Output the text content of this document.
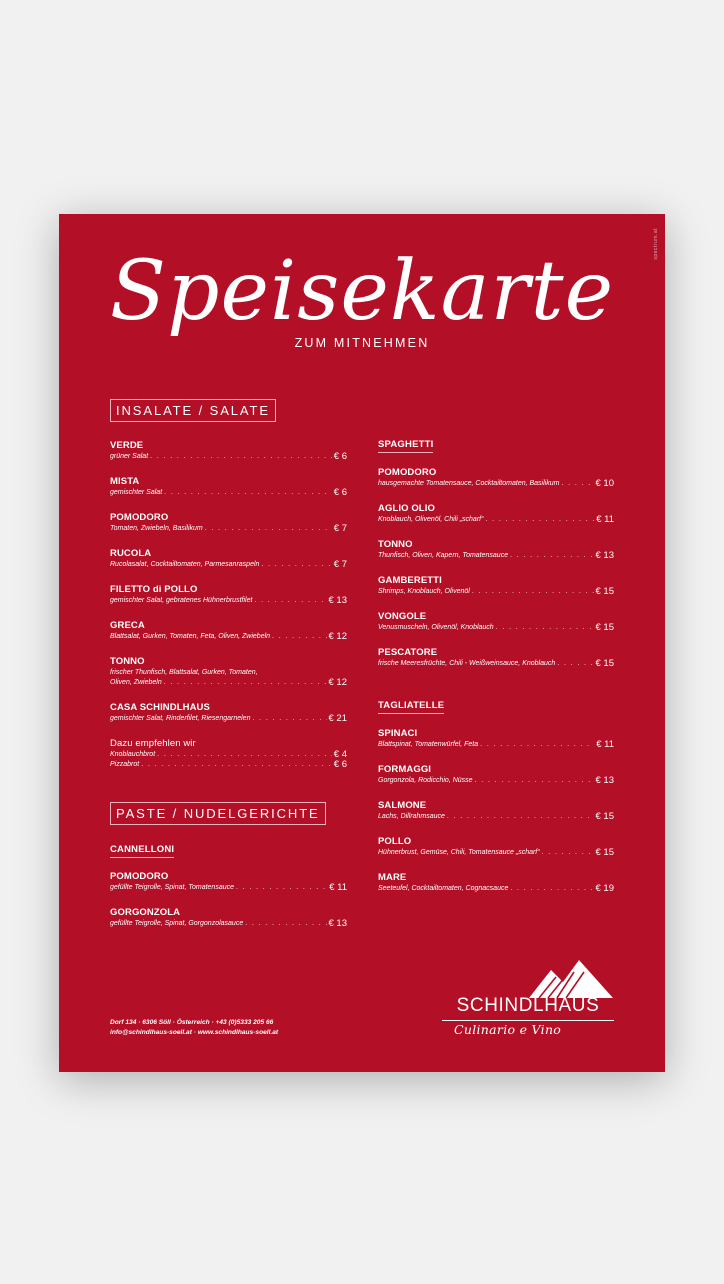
spectrum.at
Speisekarte
ZUM MITNEHMEN
INSALATE / SALATE
VERDE
grüner Salat . . .	€ 6
MISTA
gemischter Salat . . .	€ 6
POMODORO
Tomaten, Zwiebeln, Basilikum . . .	€ 7
RUCOLA
Rucolasalat, Cocktailtomaten, Parmesanraspeln . . .	€ 7
FILETTO di POLLO
gemischter Salat, gebratenes Hühnerbrustfilet . . .	€ 13
GRECA
Blattsalat, Gurken, Tomaten, Feta, Oliven, Zwiebeln . . .	€ 12
TONNO
frischer Thunfisch, Blattsalat, Gurken, Tomaten,
Oliven, Zwiebeln . . .	€ 12
CASA SCHINDLHAUS
gemischter Salat, Rinderfilet, Riesengarnelen . . .	€ 21
Dazu empfehlen wir
Knoblauchbrot . . .	€ 4
Pizzabrot . . .	€ 6
PASTE / NUDELGERICHTE
CANNELLONI
POMODORO
gefüllte Teigrolle, Spinat, Tomatensauce . . .	€ 11
GORGONZOLA
gefüllte Teigrolle, Spinat, Gorgonzolasauce . . .	€ 13
SPAGHETTI
POMODORO
hausgemachte Tomatensauce, Cocktailtomaten, Basilikum . . .	€ 10
AGLIO OLIO
Knoblauch, Olivenöl, Chili „scharf“ . . .	€ 11
TONNO
Thunfisch, Oliven, Kapern, Tomatensauce . . .	€ 13
GAMBERETTI
Shrimps, Knoblauch, Olivenöl . . .	€ 15
VONGOLE
Venusmuscheln, Olivenöl, Knoblauch . . .	€ 15
PESCATORE
frische Meeresfrüchte, Chili - Weißweinsauce, Knoblauch . . .	€ 15
TAGLIATELLE
SPINACI
Blattspinat, Tomatenwürfel, Feta . . .	€ 11
FORMAGGI
Gorgonzola, Rodicchio, Nüsse . . .	€ 13
SALMONE
Lachs, Dillrahmsauce . . .	€ 15
POLLO
Hühnerbrust, Gemüse, Chili, Tomatensauce „scharf“ . . .	€ 15
MARE
Seeteufel, Cocktailtomaten, Cognacsauce . . .	€ 19
Dorf 134 · 6306 Söll · Österreich · +43 (0)5333 205 66
info@schindlhaus-soell.at · www.schindlhaus-soell.at
SCHINDLHAUS
Culinario e Vino
